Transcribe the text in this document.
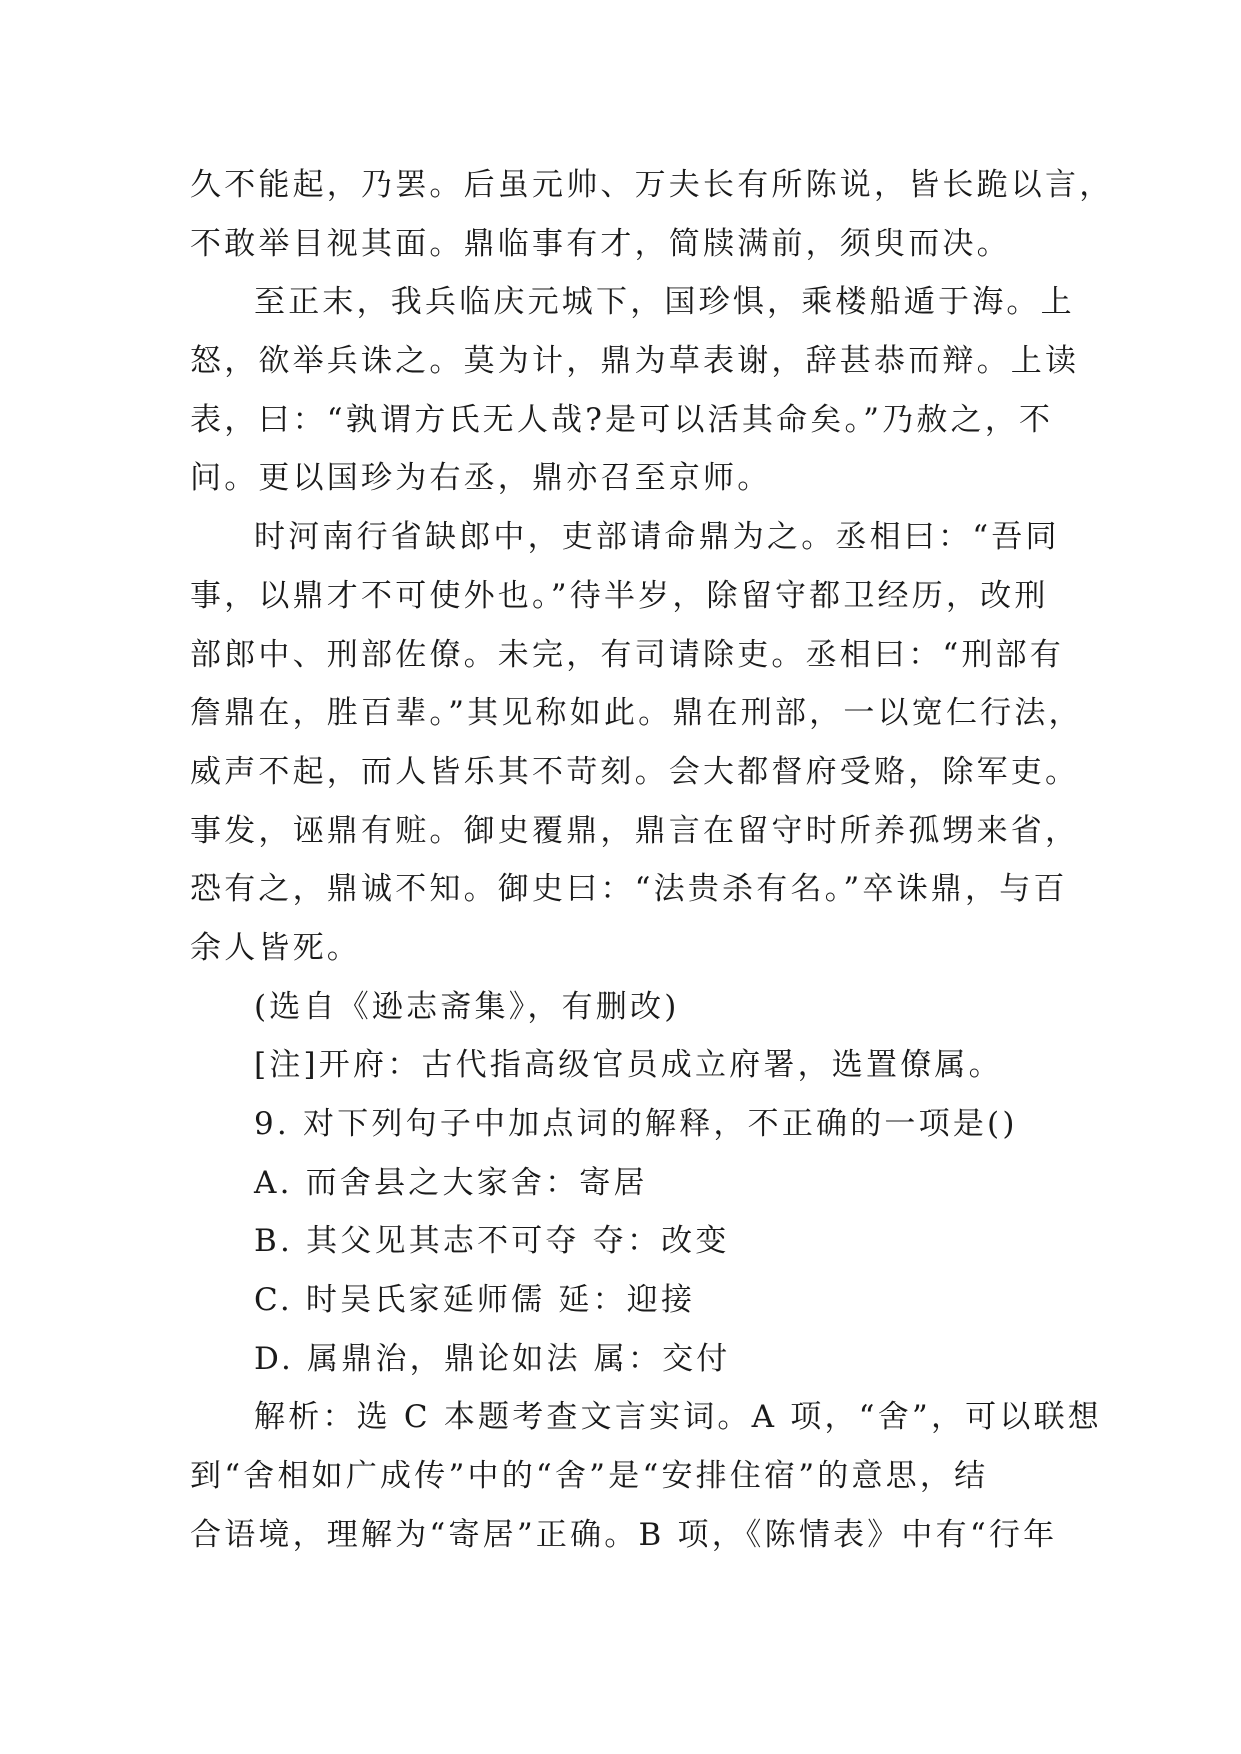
久不能起，乃罢。后虽元帅、万夫长有所陈说，皆长跪以言，
不敢举目视其面。鼎临事有才，简牍满前，须臾而决。
至正末，我兵临庆元城下，国珍惧，乘楼船遁于海。上
怒，欲举兵诛之。莫为计，鼎为草表谢，辞甚恭而辩。上读
表，曰：“孰谓方氏无人哉?是可以活其命矣。”乃赦之，不
问。更以国珍为右丞，鼎亦召至京师。
时河南行省缺郎中，吏部请命鼎为之。丞相曰：“吾同
事，以鼎才不可使外也。”待半岁，除留守都卫经历，改刑
部郎中、刑部佐僚。未完，有司请除吏。丞相曰：“刑部有
詹鼎在，胜百辈。”其见称如此。鼎在刑部，一以宽仁行法，
威声不起，而人皆乐其不苛刻。会大都督府受赂，除军吏。
事发，诬鼎有赃。御史覆鼎，鼎言在留守时所养孤甥来省，
恐有之，鼎诚不知。御史曰：“法贵杀有名。”卒诛鼎，与百
余人皆死。
(选自《逊志斋集》，有删改)
[注]开府：古代指高级官员成立府署，选置僚属。
9. 对下列句子中加点词的解释，不正确的一项是()
A. 而舍县之大家舍：寄居
B. 其父见其志不可夺 夺：改变
C. 时吴氏家延师儒 延：迎接
D. 属鼎治，鼎论如法 属：交付
解析：选 C 本题考查文言实词。A 项，“舍”，可以联想
到“舍相如广成传”中的“舍”是“安排住宿”的意思，结
合语境，理解为“寄居”正确。B 项，《陈情表》中有“行年
